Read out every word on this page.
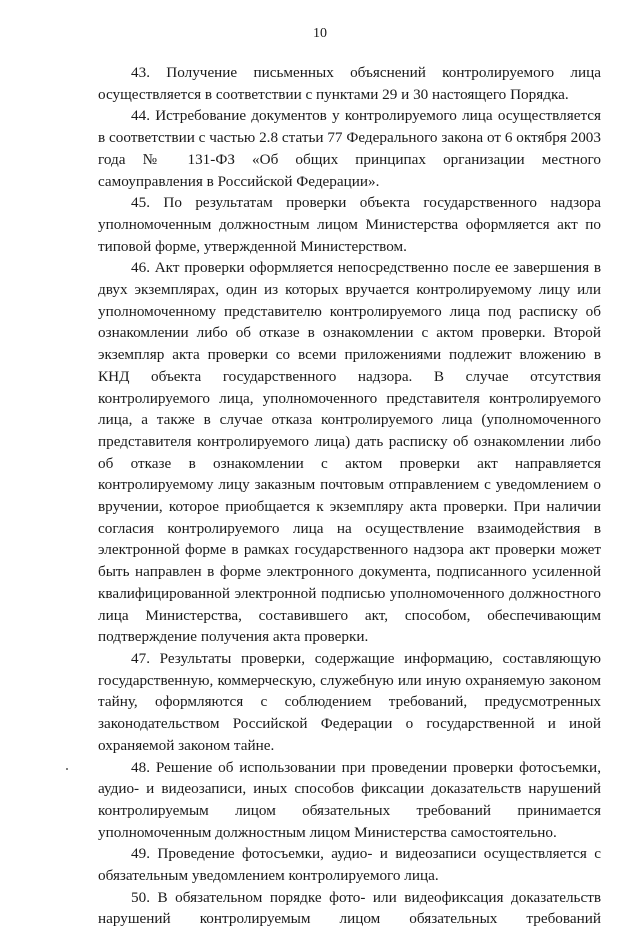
10

43. Получение письменных объяснений контролируемого лица осуществляется в соответствии с пунктами 29 и 30 настоящего Порядка.

44. Истребование документов у контролируемого лица осуществляется в соответствии с частью 2.8 статьи 77 Федерального закона от 6 октября 2003 года № 131-ФЗ «Об общих принципах организации местного самоуправления в Российской Федерации».

45. По результатам проверки объекта государственного надзора уполномоченным должностным лицом Министерства оформляется акт по типовой форме, утвержденной Министерством.

46. Акт проверки оформляется непосредственно после ее завершения в двух экземплярах, один из которых вручается контролируемому лицу или уполномоченному представителю контролируемого лица под расписку об ознакомлении либо об отказе в ознакомлении с актом проверки. Второй экземпляр акта проверки со всеми приложениями подлежит вложению в КНД объекта государственного надзора. В случае отсутствия контролируемого лица, уполномоченного представителя контролируемого лица, а также в случае отказа контролируемого лица (уполномоченного представителя контролируемого лица) дать расписку об ознакомлении либо об отказе в ознакомлении с актом проверки акт направляется контролируемому лицу заказным почтовым отправлением с уведомлением о вручении, которое приобщается к экземпляру акта проверки. При наличии согласия контролируемого лица на осуществление взаимодействия в электронной форме в рамках государственного надзора акт проверки может быть направлен в форме электронного документа, подписанного усиленной квалифицированной электронной подписью уполномоченного должностного лица Министерства, составившего акт, способом, обеспечивающим подтверждение получения акта проверки.

47. Результаты проверки, содержащие информацию, составляющую государственную, коммерческую, служебную или иную охраняемую законом тайну, оформляются с соблюдением требований, предусмотренных законодательством Российской Федерации о государственной и иной охраняемой законом тайне.

48. Решение об использовании при проведении проверки фотосъемки, аудио- и видеозаписи, иных способов фиксации доказательств нарушений контролируемым лицом обязательных требований принимается уполномоченным должностным лицом Министерства самостоятельно.

49. Проведение фотосъемки, аудио- и видеозаписи осуществляется с обязательным уведомлением контролируемого лица.

50. В обязательном порядке фото- или видеофиксация доказательств нарушений контролируемым лицом обязательных требований
